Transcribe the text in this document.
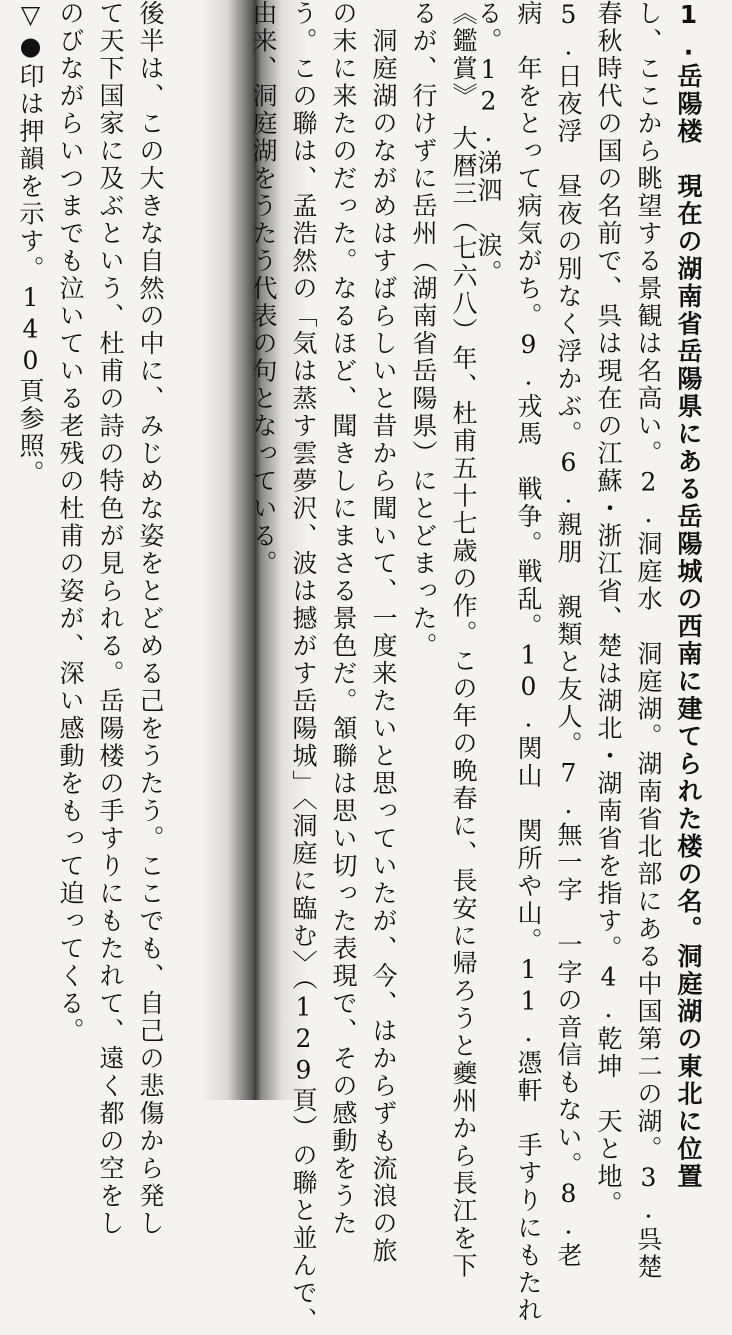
1.岳陽楼　現在の湖南省岳陽県にある岳陽城の西南に建てられた楼の名。洞庭湖の東北に位置
し、ここから眺望する景観は名高い。2.洞庭水　洞庭湖。湖南省北部にある中国第二の湖。3.呉楚
春秋時代の国の名前で、呉は現在の江蘇・浙江省、楚は湖北・湖南省を指す。4.乾坤　天と地。
5.日夜浮　昼夜の別なく浮かぶ。6.親朋　親類と友人。7.無一字　一字の音信もない。8.老
病　年をとって病気がち。9.戎馬　戦争。戦乱。10.関山　関所や山。11.憑軒　手すりにもたれ
る。12.涕泗　涙。
《鑑賞》　大暦三（七六八）年、杜甫五十七歳の作。この年の晩春に、長安に帰ろうと夔州から長江を下
るが、行けずに岳州（湖南省岳陽県）にとどまった。
　洞庭湖のながめはすばらしいと昔から聞いて、一度来たいと思っていたが、今、はからずも流浪の旅
の末に来たのだった。なるほど、聞きしにまさる景色だ。頷聯は思い切った表現で、その感動をうた
う。この聯は、孟浩然の「気は蒸す雲夢沢、波は撼がす岳陽城」〈洞庭に臨む〉（129頁）の聯と並んで、
由来、洞庭湖をうたう代表の句となっている。
後半は、この大きな自然の中に、みじめな姿をとどめる己をうたう。ここでも、自己の悲傷から発し
て天下国家に及ぶという、杜甫の詩の特色が見られる。岳陽楼の手すりにもたれて、遠く都の空をし
のびながらいつまでも泣いている老残の杜甫の姿が、深い感動をもって迫ってくる。
▽●印は押韻を示す。140頁参照。
